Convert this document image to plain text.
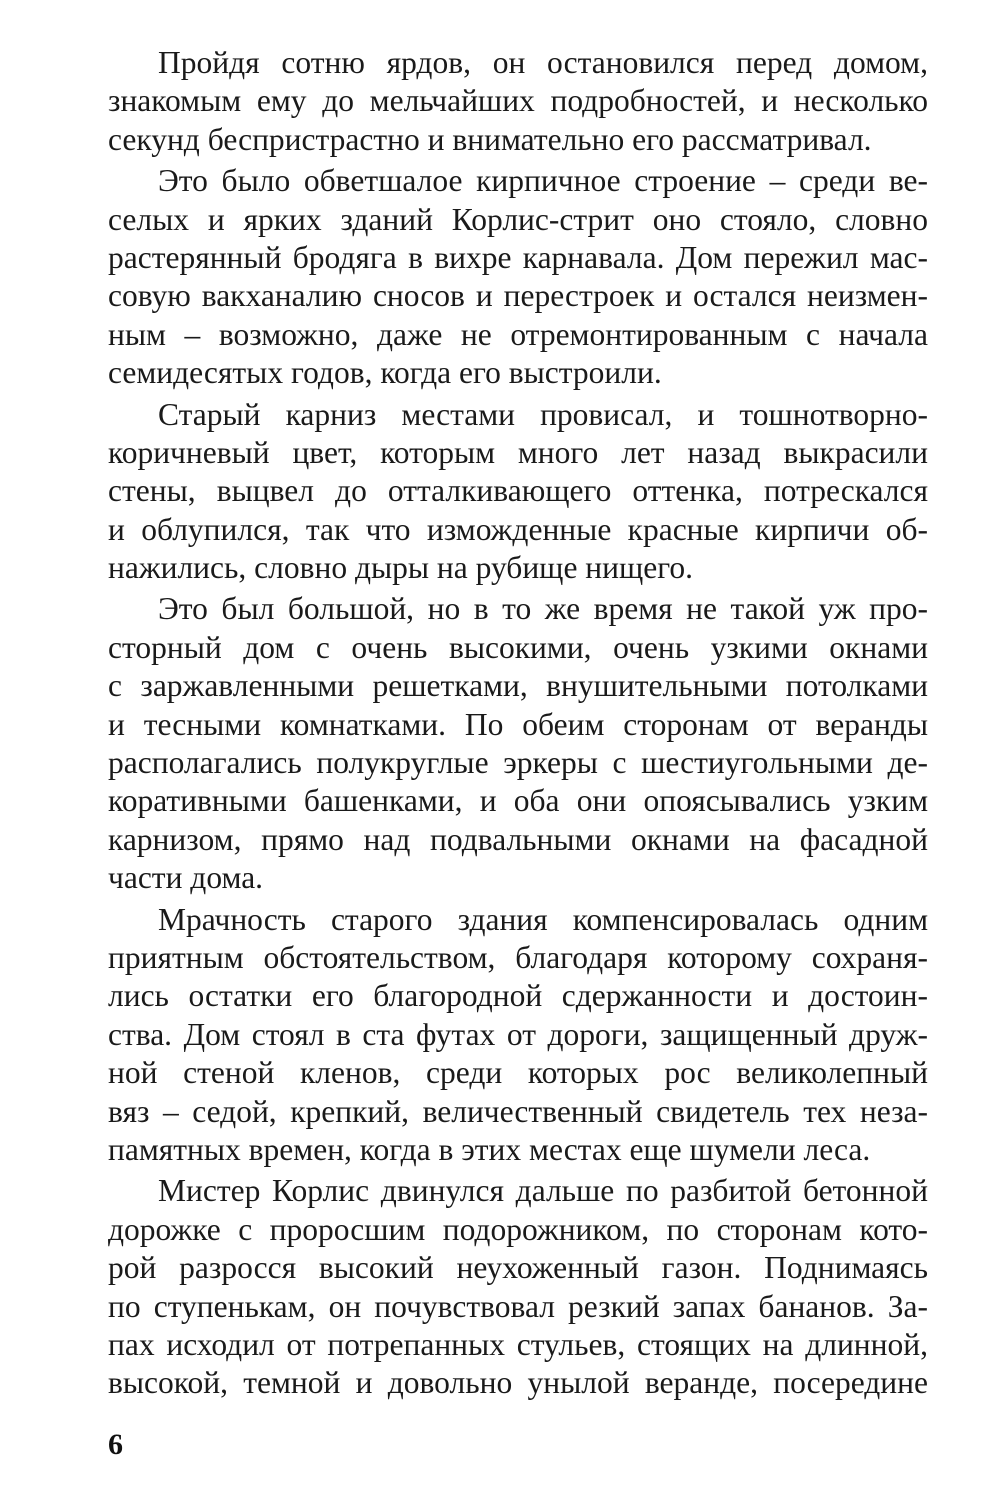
Пройдя сотню ярдов, он остановился перед домом,
знакомым ему до мельчайших подробностей, и несколько
секунд беспристрастно и внимательно его рассматривал.

Это было обветшалое кирпичное строение – среди ве-
селых и ярких зданий Корлис-стрит оно стояло, словно
растерянный бродяга в вихре карнавала. Дом пережил мас-
совую вакханалию сносов и перестроек и остался неизмен-
ным – возможно, даже не отремонтированным с начала
семидесятых годов, когда его выстроили.

Старый карниз местами провисал, и тошнотворно-
коричневый цвет, которым много лет назад выкрасили
стены, выцвел до отталкивающего оттенка, потрескался
и облупился, так что изможденные красные кирпичи об-
нажились, словно дыры на рубище нищего.

Это был большой, но в то же время не такой уж про-
сторный дом с очень высокими, очень узкими окнами
с заржавленными решетками, внушительными потолками
и тесными комнатками. По обеим сторонам от веранды
располагались полукруглые эркеры с шестиугольными де-
коративными башенками, и оба они опоясывались узким
карнизом, прямо над подвальными окнами на фасадной
части дома.

Мрачность старого здания компенсировалась одним
приятным обстоятельством, благодаря которому сохраня-
лись остатки его благородной сдержанности и достоин-
ства. Дом стоял в ста футах от дороги, защищенный друж-
ной стеной кленов, среди которых рос великолепный
вяз – седой, крепкий, величественный свидетель тех неза-
памятных времен, когда в этих местах еще шумели леса.

Мистер Корлис двинулся дальше по разбитой бетонной
дорожке с проросшим подорожником, по сторонам кото-
рой разросся высокий неухоженный газон. Поднимаясь
по ступенькам, он почувствовал резкий запах бананов. За-
пах исходил от потрепанных стульев, стоящих на длинной,
высокой, темной и довольно унылой веранде, посередине

6
